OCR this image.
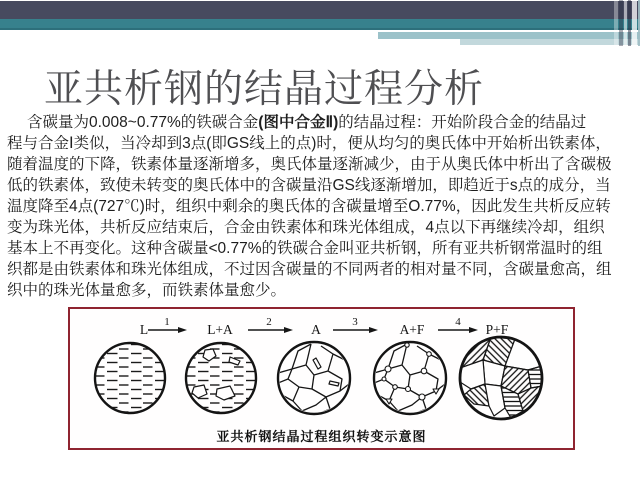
亚共析钢的结晶过程分析
含碳量为0.008~0.77%的铁碳合金(图中合金Ⅱ)的结晶过程：开始阶段合金的结晶过
程与合金Ⅰ类似，当冷却到3点(即GS线上的点)时，便从均匀的奥氏体中开始析出铁素体，
随着温度的下降，铁素体量逐渐增多，奥氏体量逐渐减少，由于从奥氏体中析出了含碳极
低的铁素体，致使未转变的奥氏体中的含碳量沿GS线逐渐增加，即趋近于s点的成分，当
温度降至4点(727℃)时，组织中剩余的奥氏体的含碳量增至O.77%，因此发生共析反应转
变为珠光体，共析反应结束后，合金由铁素体和珠光体组成，4点以下再继续冷却，组织
基本上不再变化。这种含碳量<0.77%的铁碳合金叫亚共析钢，所有亚共析钢常温时的组
织都是由铁素体和珠光体组成，不过因含碳量的不同两者的相对量不同，含碳量愈高，组
织中的珠光体量愈多，而铁素体量愈少。
L	L+A	A	A+F	P+F
1	2	3	4
亚共析钢结晶过程组织转变示意图
